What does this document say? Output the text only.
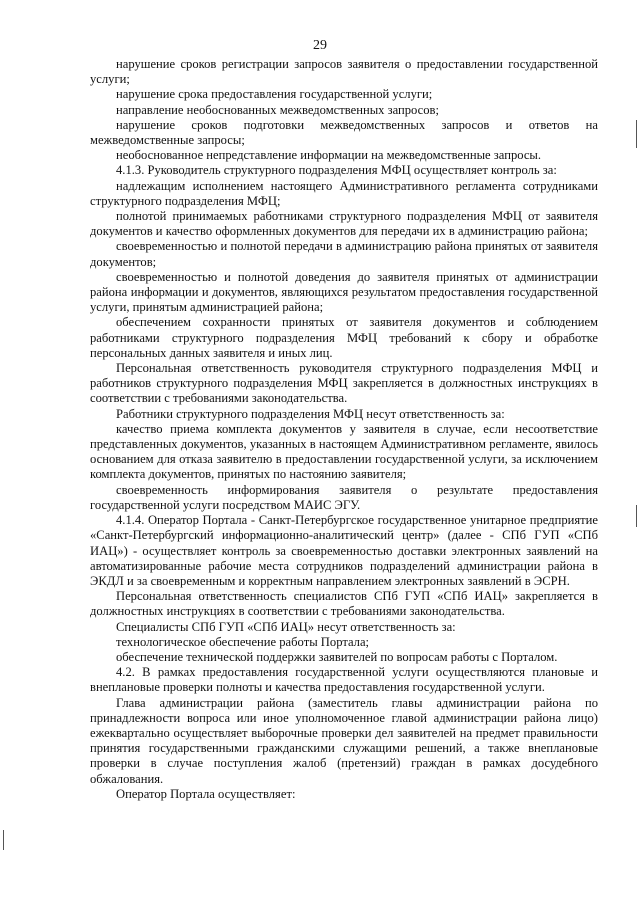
29

нарушение сроков регистрации запросов заявителя о предоставлении государственной услуги;

нарушение срока предоставления государственной услуги;

направление необоснованных межведомственных запросов;

нарушение сроков подготовки межведомственных запросов и ответов на межведомственные запросы;

необоснованное непредставление информации на межведомственные запросы.

4.1.3. Руководитель структурного подразделения МФЦ осуществляет контроль за:

надлежащим исполнением настоящего Административного регламента сотрудниками структурного подразделения МФЦ;

полнотой принимаемых работниками структурного подразделения МФЦ от заявителя документов и качество оформленных документов для передачи их в администрацию района;

своевременностью и полнотой передачи в администрацию района принятых от заявителя документов;

своевременностью и полнотой доведения до заявителя принятых от администрации района информации и документов, являющихся результатом предоставления государственной услуги, принятым администрацией района;

обеспечением сохранности принятых от заявителя документов и соблюдением работниками структурного подразделения МФЦ требований к сбору и обработке персональных данных заявителя и иных лиц.

Персональная ответственность руководителя структурного подразделения МФЦ и работников структурного подразделения МФЦ закрепляется в должностных инструкциях в соответствии с требованиями законодательства.

Работники структурного подразделения МФЦ несут ответственность за:

качество приема комплекта документов у заявителя в случае, если несоответствие представленных документов, указанных в настоящем Административном регламенте, явилось основанием для отказа заявителю в предоставлении государственной услуги, за исключением комплекта документов, принятых по настоянию заявителя;

своевременность информирования заявителя о результате предоставления государственной услуги посредством МАИС ЭГУ.

4.1.4. Оператор Портала - Санкт-Петербургское государственное унитарное предприятие «Санкт-Петербургский информационно-аналитический центр» (далее - СПб ГУП «СПб ИАЦ») - осуществляет контроль за своевременностью доставки электронных заявлений на автоматизированные рабочие места сотрудников подразделений администрации района в ЭКДЛ и за своевременным и корректным направлением электронных заявлений в ЭСРН.

Персональная ответственность специалистов СПб ГУП «СПб ИАЦ» закрепляется в должностных инструкциях в соответствии с требованиями законодательства.

Специалисты СПб ГУП «СПб ИАЦ» несут ответственность за:

технологическое обеспечение работы Портала;

обеспечение технической поддержки заявителей по вопросам работы с Порталом.

4.2. В рамках предоставления государственной услуги осуществляются плановые и внеплановые проверки полноты и качества предоставления государственной услуги.

Глава администрации района (заместитель главы администрации района по принадлежности вопроса или иное уполномоченное главой администрации района лицо) ежеквартально осуществляет выборочные проверки дел заявителей на предмет правильности принятия государственными гражданскими служащими решений, а также внеплановые проверки в случае поступления жалоб (претензий) граждан в рамках досудебного обжалования.

Оператор Портала осуществляет:
